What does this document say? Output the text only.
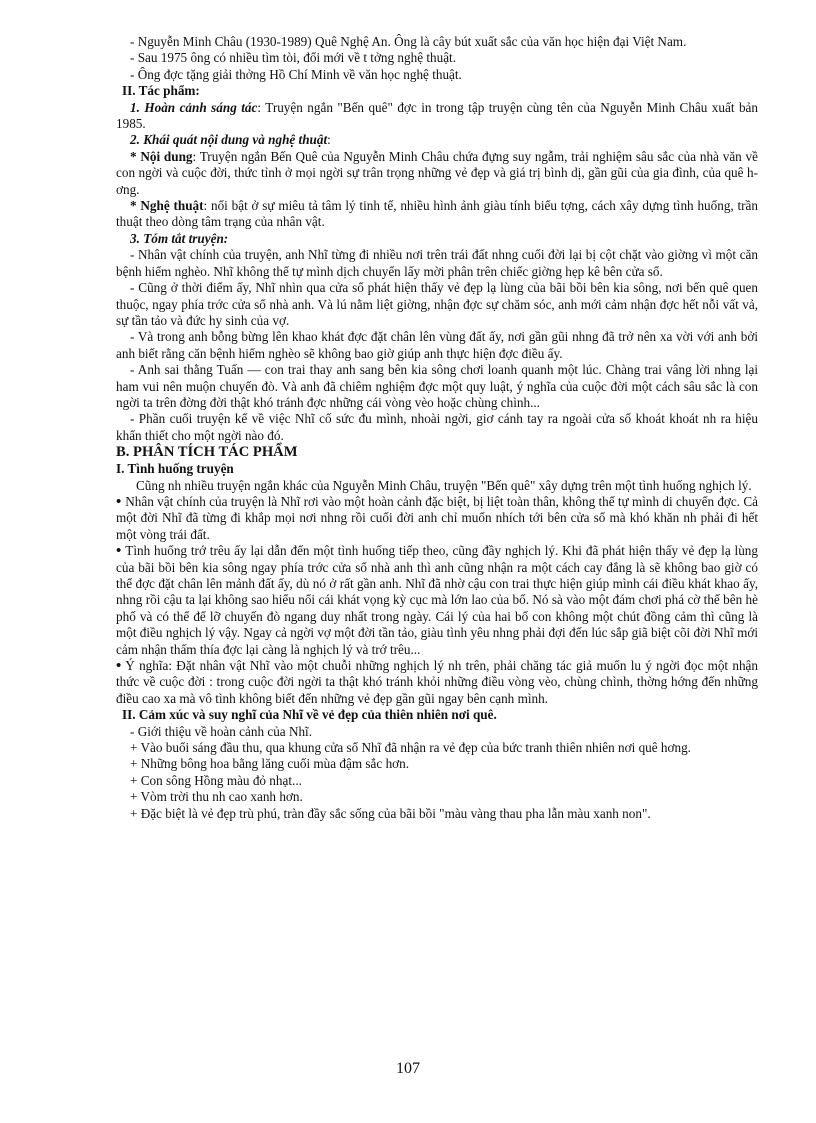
- Nguyễn Minh Châu (1930-1989) Quê Nghệ An. Ông là cây bút xuất sắc của văn học hiện đại Việt Nam.

- Sau 1975 ông có nhiều tìm tòi, đổi mới về t tởng nghệ thuật.

- Ông đợc tặng giải thởng Hồ Chí Minh về văn học nghệ thuật.

II. Tác phẩm:

1. Hoàn cảnh sáng tác: Truyện ngắn "Bến quê" đợc in trong tập truyện cùng tên của Nguyễn Minh Châu xuất bản 1985.

2. Khái quát nội dung và nghệ thuật:

* Nội dung: Truyện ngắn Bến Quê của Nguyễn Minh Châu chứa đựng suy ngẫm, trải nghiệm sâu sắc của nhà văn về con ngời và cuộc đời, thức tỉnh ở mọi ngời sự trân trọng những vẻ đẹp và giá trị bình dị, gần gũi của gia đình, của quê hơng.

* Nghệ thuật: nổi bật ở sự miêu tả tâm lý tinh tế, nhiều hình ảnh giàu tính biểu tợng, cách xây dựng tình huống, trần thuật theo dòng tâm trạng của nhân vật.

3. Tóm tắt truyện:

- Nhân vật chính của truyện, anh Nhĩ từng đi nhiều nơi trên trái đất nhng cuối đời lại bị cột chặt vào giờng vì một căn bệnh hiểm nghèo. Nhĩ không thể tự mình dịch chuyển lấy mời phân trên chiếc giờng hẹp kê bên cửa sổ.

- Cũng ở thời điểm ấy, Nhĩ nhìn qua cửa sổ phát hiện thấy vẻ đẹp lạ lùng của bãi bồi bên kia sông, nơi bến quê quen thuộc, ngay phía trớc cửa sổ nhà anh. Và lú nằm liệt giờng, nhận đợc sự chăm sóc, anh mới cảm nhận đợc hết nỗi vất vả, sự tần tảo và đức hy sinh của vợ.

- Và trong anh bỗng bừng lên khao khát đợc đặt chân lên vùng đất ấy, nơi gần gũi nhng đã trở nên xa vời với anh bởi anh biết rằng căn bệnh hiểm nghèo sẽ không bao giờ giúp anh thực hiện đợc điều ấy.

- Anh sai thằng Tuấn — con trai thay anh sang bên kia sông chơi loanh quanh một lúc. Chàng trai vâng lời nhng lại ham vui nên muộn chuyến đò. Và anh đã chiêm nghiệm đợc một quy luật, ý nghĩa của cuộc đời một cách sâu sắc là con ngời ta trên đờng đời thật khó tránh đợc những cái vòng vèo hoặc chùng chình...

- Phần cuối truyện kể về việc Nhĩ cố sức đu mình, nhoài ngời, giơ cánh tay ra ngoài cửa sổ khoát khoát nh ra hiệu khẩn thiết cho một ngời nào đó.

B. PHÂN TÍCH TÁC PHẨM

I. Tình huống truyện

Cũng nh nhiều truyện ngắn khác của Nguyễn Minh Châu, truyện "Bến quê" xây dựng trên một tình huống nghịch lý.

• Nhân vật chính của truyện là Nhĩ rơi vào một hoàn cảnh đặc biệt, bị liệt toàn thân, không thể tự mình di chuyển đợc. Cả một đời Nhĩ đã từng đi khắp mọi nơi nhng rồi cuối đời anh chỉ muốn nhích tới bên cửa sổ mà khó khăn nh phải đi hết một vòng trái đất.

• Tình huống trớ trêu ấy lại dẫn đến một tình huống tiếp theo, cũng đầy nghịch lý. Khi đã phát hiện thấy vẻ đẹp lạ lùng của bãi bồi bên kia sông ngay phía trớc cửa sổ nhà anh thì anh cũng nhận ra một cách cay đắng là sẽ không bao giờ có thể đợc đặt chân lên mảnh đất ấy, dù nó ở rất gần anh. Nhĩ đã nhờ cậu con trai thực hiện giúp mình cái điều khát khao ấy, nhng rồi cậu ta lại không sao hiểu nổi cái khát vọng kỳ cục mà lớn lao của bố. Nó sà vào một đám chơi phá cờ thế bên hè phố và có thể để lỡ chuyến đò ngang duy nhất trong ngày. Cái lý của hai bố con không một chút đồng cảm thì cũng là một điều nghịch lý vậy. Ngay cả ngời vợ một đời tần tảo, giàu tình yêu nhng phải đợi đến lúc sắp giã biệt cõi đời Nhĩ mới cảm nhận thấm thía đợc lại càng là nghịch lý và trớ trêu...

• Ý nghĩa: Đặt nhân vật Nhĩ vào một chuỗi những nghịch lý nh trên, phải chăng tác giả muốn lu ý ngời đọc một nhận thức về cuộc đời : trong cuộc đời ngời ta thật khó tránh khỏi những điều vòng vèo, chùng chình, thờng hớng đến những điều cao xa mà vô tình không biết đến những vẻ đẹp gần gũi ngay bên cạnh mình.

II. Cảm xúc và suy nghĩ của Nhĩ về vẻ đẹp của thiên nhiên nơi quê.

- Giới thiệu về hoàn cảnh của Nhĩ.

+ Vào buổi sáng đầu thu, qua khung cửa sổ Nhĩ đã nhận ra vẻ đẹp của bức tranh thiên nhiên nơi quê hơng.

+ Những bông hoa bằng lăng cuối mùa đậm sắc hơn.

+ Con sông Hồng màu đỏ nhạt...

+ Vòm trời thu nh cao xanh hơn.

+ Đặc biệt là vẻ đẹp trù phú, tràn đầy sắc sống của bãi bồi "màu vàng thau pha lẫn màu xanh non".

107
